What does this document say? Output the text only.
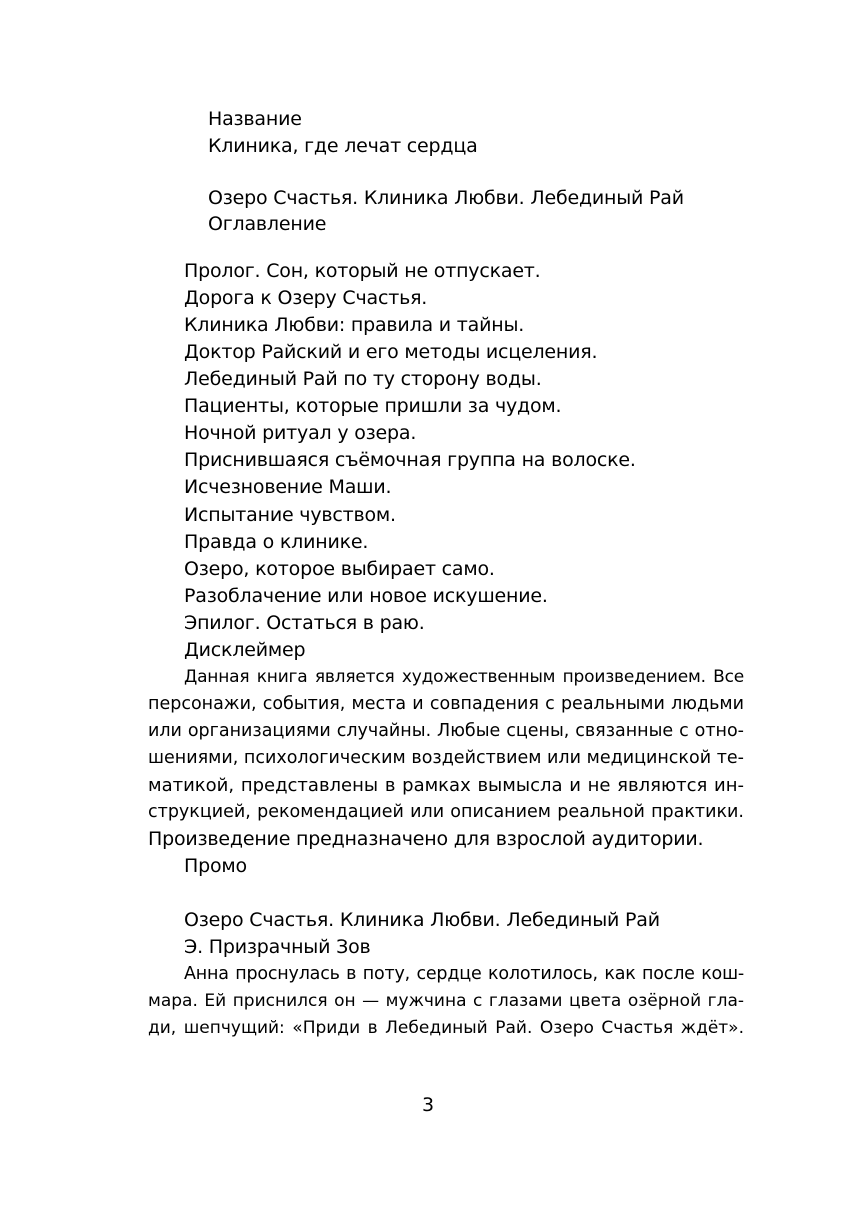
Название
Клиника, где лечат сердца
Озеро Счастья. Клиника Любви. Лебединый Рай
Оглавление
Пролог. Сон, который не отпускает.
Дорога к Озеру Счастья.
Клиника Любви: правила и тайны.
Доктор Райский и его методы исцеления.
Лебединый Рай по ту сторону воды.
Пациенты, которые пришли за чудом.
Ночной ритуал у озера.
Приснившаяся съёмочная группа на волоске.
Исчезновение Маши.
Испытание чувством.
Правда о клинике.
Озеро, которое выбирает само.
Разоблачение или новое искушение.
Эпилог. Остаться в раю.
Дисклеймер
Данная книга является художественным произведением. Все
персонажи, события, места и совпадения с реальными людьми
или организациями случайны. Любые сцены, связанные с отно-
шениями, психологическим воздействием или медицинской те-
матикой, представлены в рамках вымысла и не являются ин-
струкцией, рекомендацией или описанием реальной практики.
Произведение предназначено для взрослой аудитории.
Промо
Озеро Счастья. Клиника Любви. Лебединый Рай
Э. Призрачный Зов
Анна проснулась в поту, сердце колотилось, как после кош-
мара. Ей приснился он — мужчина с глазами цвета озёрной гла-
ди, шепчущий: «Приди в Лебединый Рай. Озеро Счастья ждёт».
3
